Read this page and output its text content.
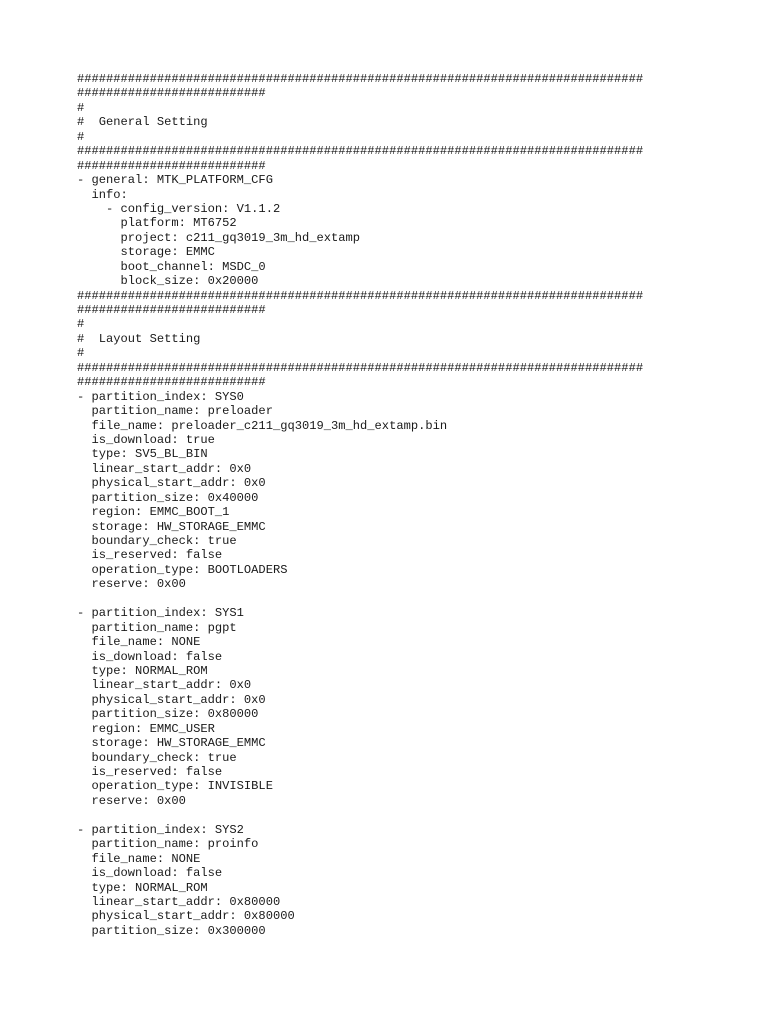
##############################################################################
##########################
#
#  General Setting
#
##############################################################################
##########################
- general: MTK_PLATFORM_CFG
info:
- config_version: V1.1.2
platform: MT6752
project: c211_gq3019_3m_hd_extamp
storage: EMMC
boot_channel: MSDC_0
block_size: 0x20000
##############################################################################
##########################
#
#  Layout Setting
#
##############################################################################
##########################
- partition_index: SYS0
partition_name: preloader
file_name: preloader_c211_gq3019_3m_hd_extamp.bin
is_download: true
type: SV5_BL_BIN
linear_start_addr: 0x0
physical_start_addr: 0x0
partition_size: 0x40000
region: EMMC_BOOT_1
storage: HW_STORAGE_EMMC
boundary_check: true
is_reserved: false
operation_type: BOOTLOADERS
reserve: 0x00
- partition_index: SYS1
partition_name: pgpt
file_name: NONE
is_download: false
type: NORMAL_ROM
linear_start_addr: 0x0
physical_start_addr: 0x0
partition_size: 0x80000
region: EMMC_USER
storage: HW_STORAGE_EMMC
boundary_check: true
is_reserved: false
operation_type: INVISIBLE
reserve: 0x00
- partition_index: SYS2
partition_name: proinfo
file_name: NONE
is_download: false
type: NORMAL_ROM
linear_start_addr: 0x80000
physical_start_addr: 0x80000
partition_size: 0x300000
